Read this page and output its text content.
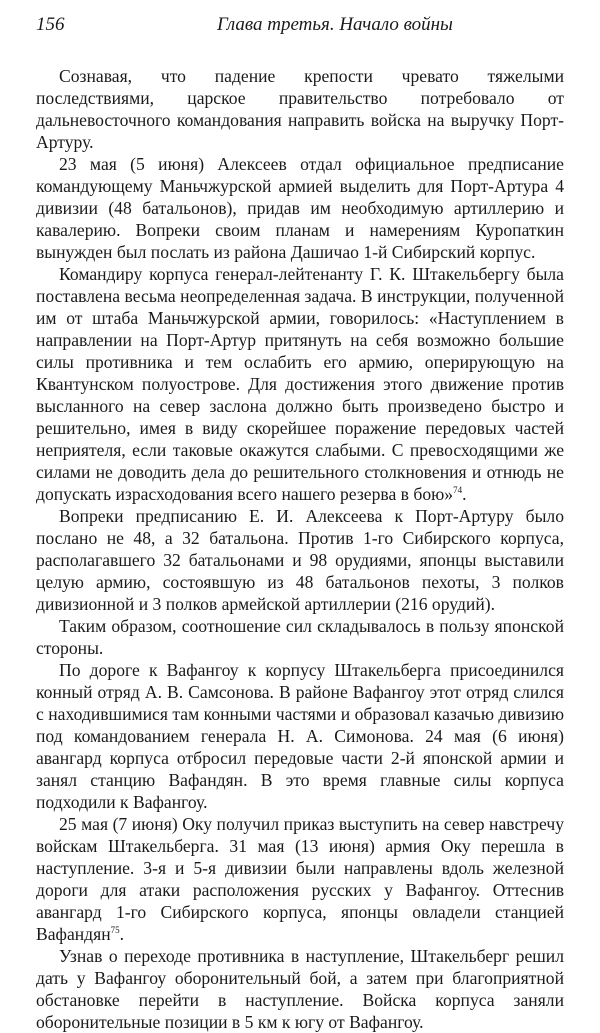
156	Глава третья. Начало войны

Сознавая, что падение крепости чревато тяжелыми последствиями, царское правительство потребовало от дальневосточного командования направить войска на выручку Порт-Артуру.

23 мая (5 июня) Алексеев отдал официальное предписание командующему Маньчжурской армией выделить для Порт-Артура 4 дивизии (48 батальонов), придав им необходимую артиллерию и кавалерию. Вопреки своим планам и намерениям Куропаткин вынужден был послать из района Дашичао 1-й Сибирский корпус.

Командиру корпуса генерал-лейтенанту Г. К. Штакельбергу была поставлена весьма неопределенная задача. В инструкции, полученной им от штаба Маньчжурской армии, говорилось: «Наступлением в направлении на Порт-Артур притянуть на себя возможно большие силы противника и тем ослабить его армию, оперирующую на Квантунском полуострове. Для достижения этого движение против высланного на север заслона должно быть произведено быстро и решительно, имея в виду скорейшее поражение передовых частей неприятеля, если таковые окажутся слабыми. С превосходящими же силами не доводить дела до решительного столкновения и отнюдь не допускать израсходования всего нашего резерва в бою»$^{74}$.

Вопреки предписанию Е. И. Алексеева к Порт-Артуру было послано не 48, а 32 батальона. Против 1-го Сибирского корпуса, располагавшего 32 батальонами и 98 орудиями, японцы выставили целую армию, состоявшую из 48 батальонов пехоты, 3 полков дивизионной и 3 полков армейской артиллерии (216 орудий).

Таким образом, соотношение сил складывалось в пользу японской стороны.

По дороге к Вафангоу к корпусу Штакельберга присоединился конный отряд А. В. Самсонова. В районе Вафангоу этот отряд слился с находившимися там конными частями и образовал казачью дивизию под командованием генерала Н. А. Симонова. 24 мая (6 июня) авангард корпуса отбросил передовые части 2-й японской армии и занял станцию Вафандян. В это время главные силы корпуса подходили к Вафангоу.

25 мая (7 июня) Оку получил приказ выступить на север навстречу войскам Штакельберга. 31 мая (13 июня) армия Оку перешла в наступление. 3-я и 5-я дивизии были направлены вдоль железной дороги для атаки расположения русских у Вафангоу. Оттеснив авангард 1-го Сибирского корпуса, японцы овладели станцией Вафандян$^{75}$.

Узнав о переходе противника в наступление, Штакельберг решил дать у Вафангоу оборонительный бой, а затем при благоприятной обстановке перейти в наступление. Войска корпуса заняли оборонительные позиции в 5 км к югу от Вафангоу.
